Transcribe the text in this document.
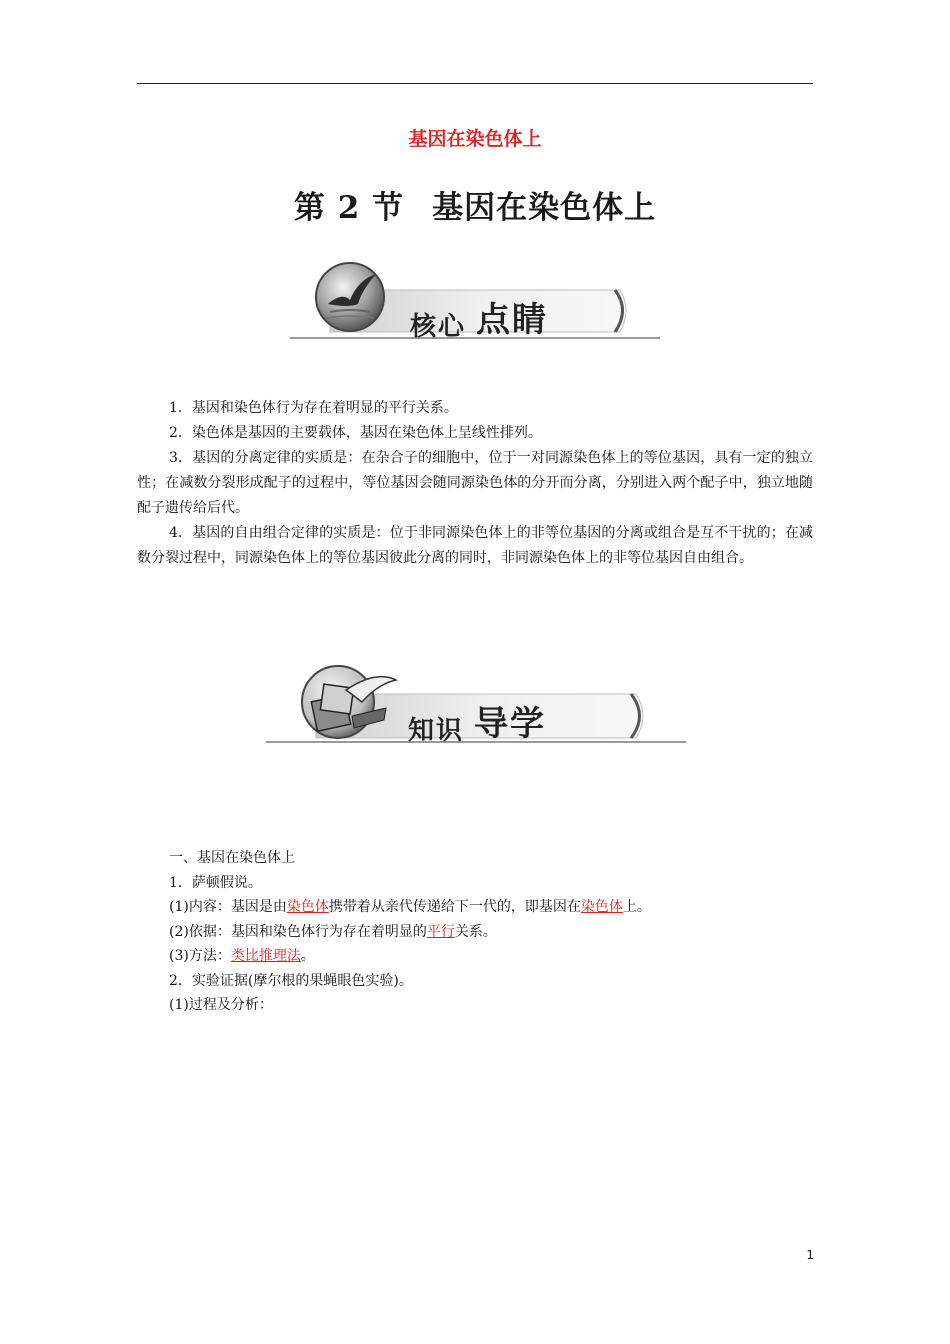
基因在染色体上
第 2 节 基因在染色体上
核心 点睛

1．基因和染色体行为存在着明显的平行关系。

2．染色体是基因的主要载体，基因在染色体上呈线性排列。

3．基因的分离定律的实质是：在杂合子的细胞中，位于一对同源染色体上的等位基因，具有一定的独立性；在减数分裂形成配子的过程中，等位基因会随同源染色体的分开而分离，分别进入两个配子中，独立地随配子遗传给后代。

4．基因的自由组合定律的实质是：位于非同源染色体上的非等位基因的分离或组合是互不干扰的；在减数分裂过程中，同源染色体上的等位基因彼此分离的同时，非同源染色体上的非等位基因自由组合。

知识 导学

一、基因在染色体上

1．萨顿假说。

(1)内容：基因是由染色体携带着从亲代传递给下一代的，即基因在染色体上。

(2)依据：基因和染色体行为存在着明显的平行关系。

(3)方法：类比推理法。

2．实验证据(摩尔根的果蝇眼色实验)。

(1)过程及分析：

1
